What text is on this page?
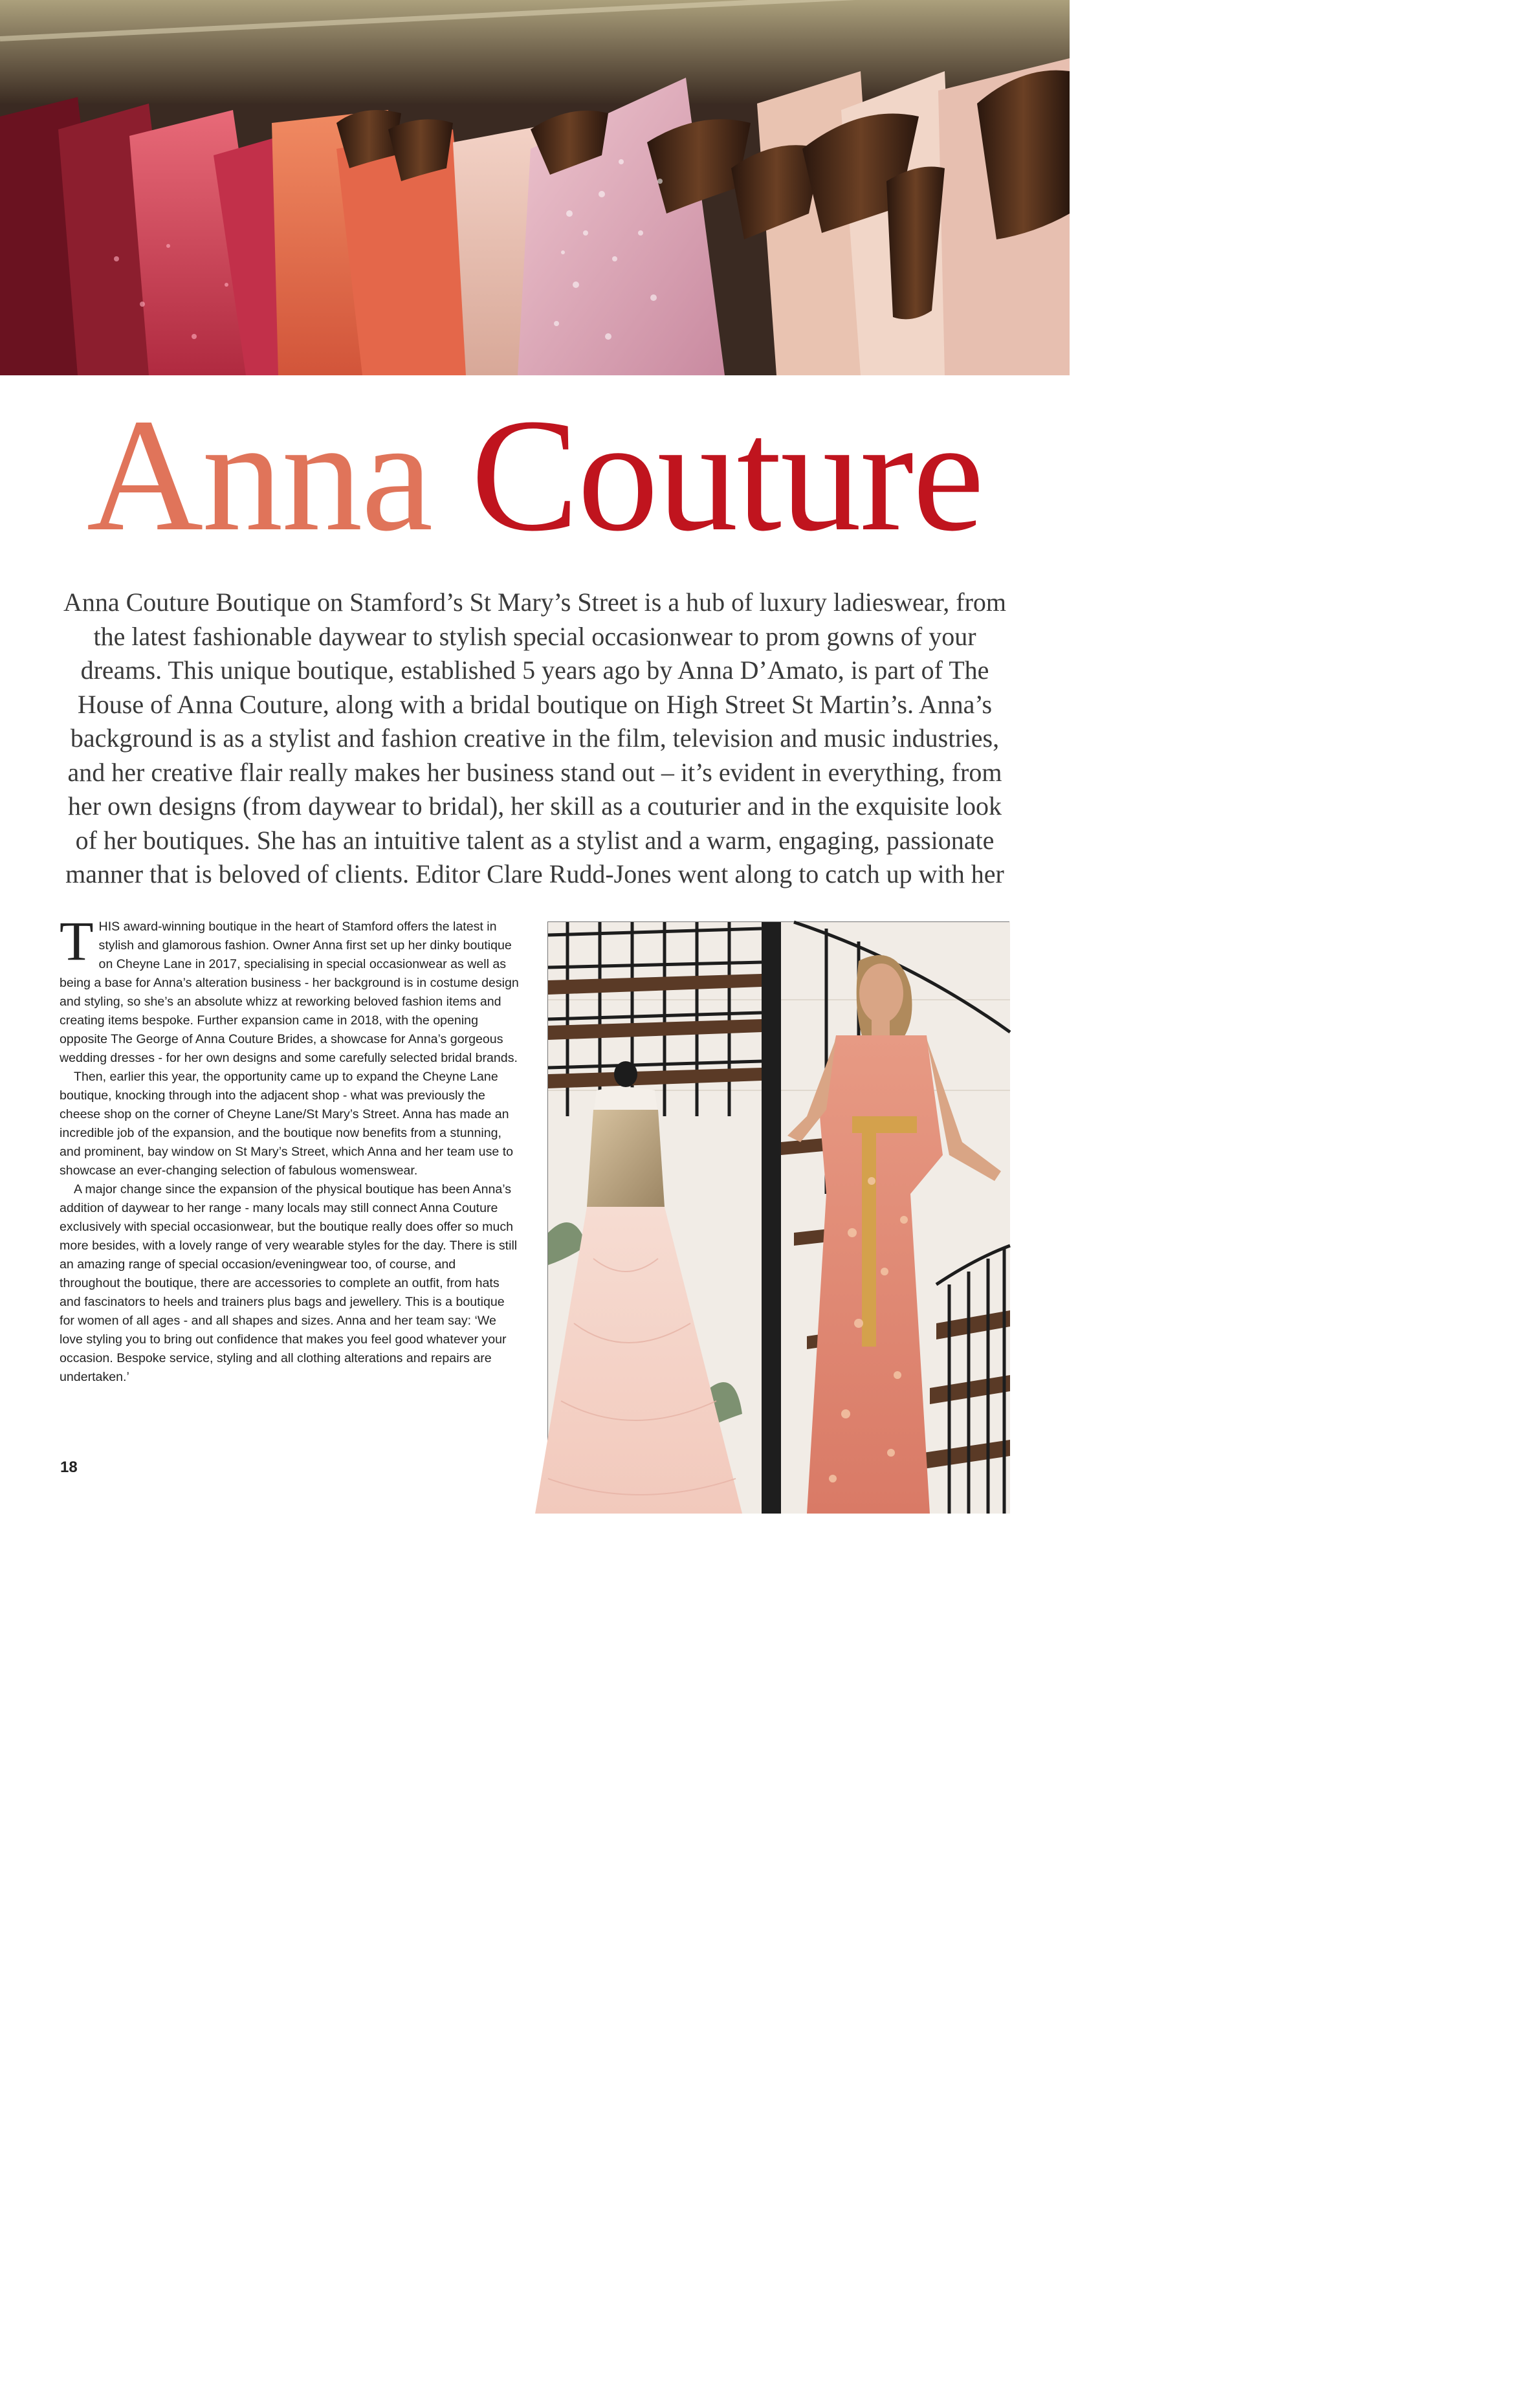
Anna Couture
Anna Couture Boutique on Stamford’s St Mary’s Street is a hub of luxury ladieswear, from the latest fashionable daywear to stylish special occasionwear to prom gowns of your dreams. This unique boutique, established 5 years ago by Anna D’Amato, is part of The House of Anna Couture, along with a bridal boutique on High Street St Martin’s. Anna’s background is as a stylist and fashion creative in the film, television and music industries, and her creative flair really makes her business stand out – it’s evident in everything, from her own designs (from daywear to bridal), her skill as a couturier and in the exquisite look of her boutiques. She has an intuitive talent as a stylist and a warm, engaging, passionate manner that is beloved of clients. Editor Clare Rudd-Jones went along to catch up with her

THIS award-winning boutique in the heart of Stamford offers the latest in stylish and glamorous fashion. Owner Anna first set up her dinky boutique on Cheyne Lane in 2017, specialising in special occasionwear as well as being a base for Anna’s alteration business - her background is in costume design and styling, so she’s an absolute whizz at reworking beloved fashion items and creating items bespoke. Further expansion came in 2018, with the opening opposite The George of Anna Couture Brides, a showcase for Anna’s gorgeous wedding dresses - for her own designs and some carefully selected bridal brands.

Then, earlier this year, the opportunity came up to expand the Cheyne Lane boutique, knocking through into the adjacent shop - what was previously the cheese shop on the corner of Cheyne Lane/St Mary’s Street. Anna has made an incredible job of the expansion, and the boutique now benefits from a stunning, and prominent, bay window on St Mary’s Street, which Anna and her team use to showcase an ever-changing selection of fabulous womenswear.

A major change since the expansion of the physical boutique has been Anna’s addition of daywear to her range - many locals may still connect Anna Couture exclusively with special occasionwear, but the boutique really does offer so much more besides, with a lovely range of very wearable styles for the day. There is still an amazing range of special occasion/eveningwear too, of course, and throughout the boutique, there are accessories to complete an outfit, from hats and fascinators to heels and trainers plus bags and jewellery. This is a boutique for women of all ages - and all shapes and sizes. Anna and her team say: ‘We love styling you to bring out confidence that makes you feel good whatever your occasion. Bespoke service, styling and all clothing alterations and repairs are undertaken.’

18
Photo: Elli Dean
